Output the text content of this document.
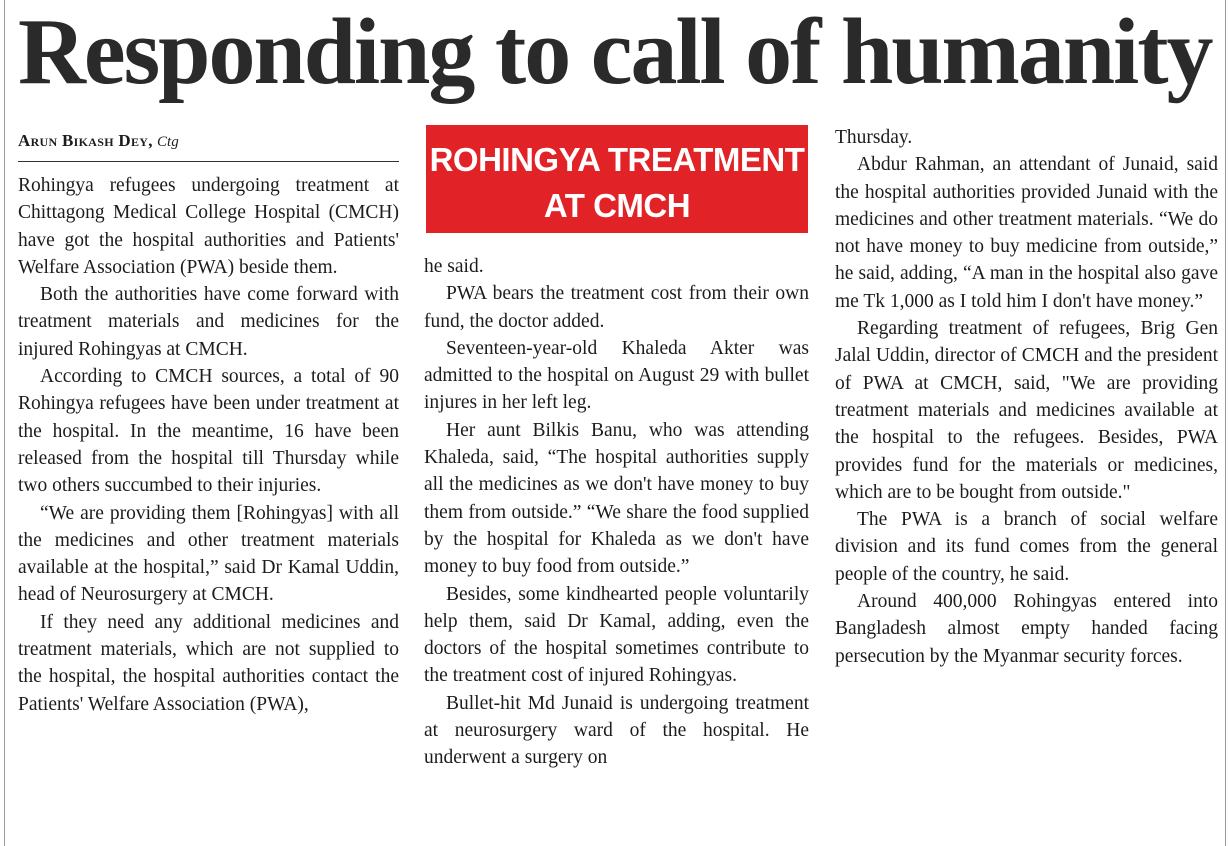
Responding to call of humanity
Arun Bikash Dey, Ctg

Rohingya refugees undergoing treatment at Chittagong Medical College Hospital (CMCH) have got the hospital authorities and Patients' Welfare Association (PWA) beside them.

Both the authorities have come forward with treatment materials and medicines for the injured Rohingyas at CMCH.

According to CMCH sources, a total of 90 Rohingya refugees have been under treatment at the hospital. In the meantime, 16 have been released from the hospital till Thursday while two others succumbed to their injuries.

“We are providing them [Rohingyas] with all the medicines and other treatment materials available at the hospital,” said Dr Kamal Uddin, head of Neurosurgery at CMCH.

If they need any additional medicines and treatment materials, which are not supplied to the hospital, the hospital authorities contact the Patients' Welfare Association (PWA),

ROHINGYA TREATMENT
AT CMCH

he said.

PWA bears the treatment cost from their own fund, the doctor added.

Seventeen-year-old Khaleda Akter was admitted to the hospital on August 29 with bullet injures in her left leg.

Her aunt Bilkis Banu, who was attending Khaleda, said, “The hospital authorities supply all the medicines as we don't have money to buy them from outside.” “We share the food supplied by the hospital for Khaleda as we don't have money to buy food from outside.”

Besides, some kindhearted people voluntarily help them, said Dr Kamal, adding, even the doctors of the hospital sometimes contribute to the treatment cost of injured Rohingyas.

Bullet-hit Md Junaid is undergoing treatment at neurosurgery ward of the hospital. He underwent a surgery on

Thursday.

Abdur Rahman, an attendant of Junaid, said the hospital authorities provided Junaid with the medicines and other treatment materials. “We do not have money to buy medicine from outside,” he said, adding, “A man in the hospital also gave me Tk 1,000 as I told him I don't have money.”

Regarding treatment of refugees, Brig Gen Jalal Uddin, director of CMCH and the president of PWA at CMCH, said, "We are providing treatment materials and medicines available at the hospital to the refugees. Besides, PWA provides fund for the materials or medicines, which are to be bought from outside."

The PWA is a branch of social welfare division and its fund comes from the general people of the country, he said.

Around 400,000 Rohingyas entered into Bangladesh almost empty handed facing persecution by the Myanmar security forces.
